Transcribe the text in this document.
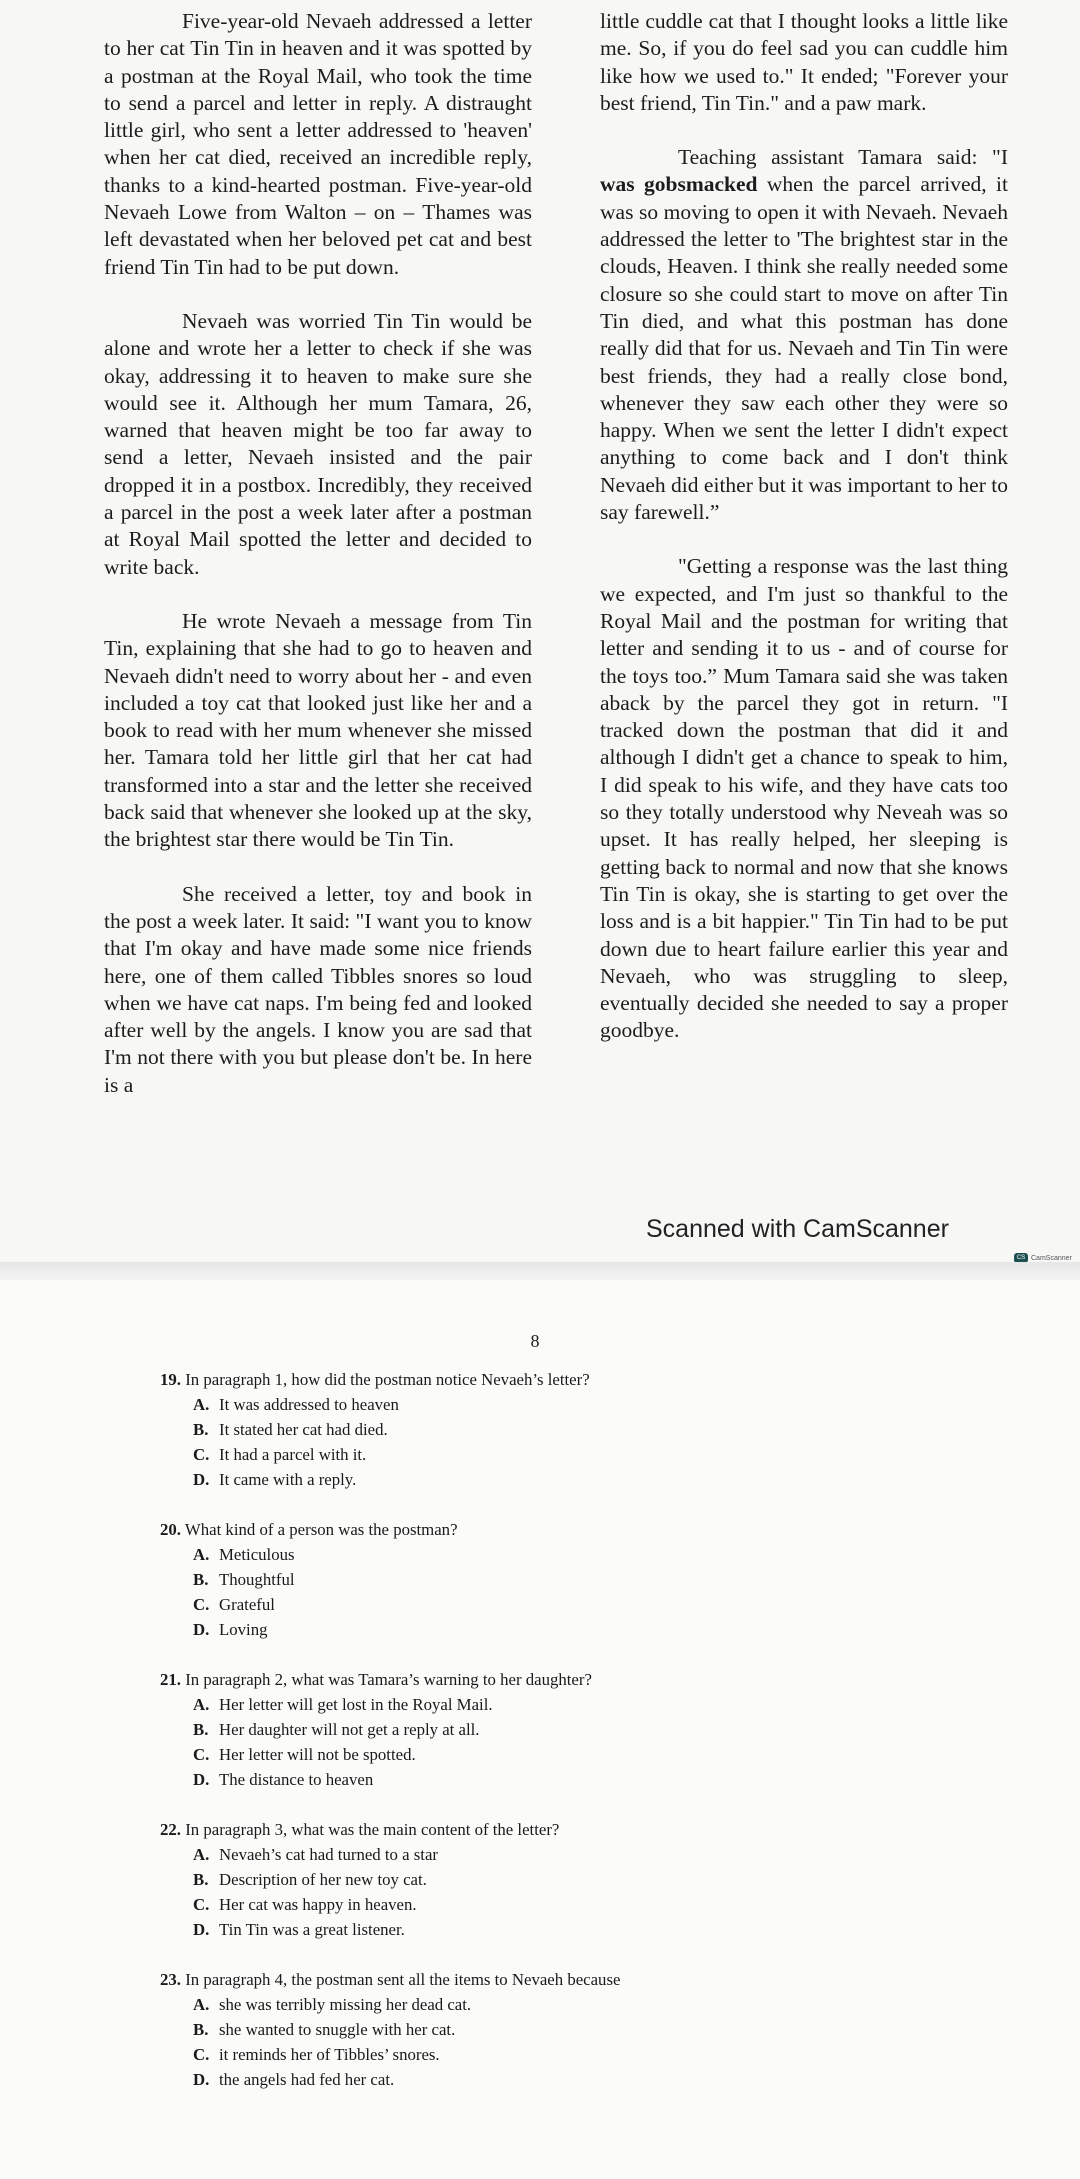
Five-year-old Nevaeh addressed a letter to her cat Tin Tin in heaven and it was spotted by a postman at the Royal Mail, who took the time to send a parcel and letter in reply. A distraught little girl, who sent a letter addressed to 'heaven' when her cat died, received an incredible reply, thanks to a kind-hearted postman. Five-year-old Nevaeh Lowe from Walton – on – Thames was left devastated when her beloved pet cat and best friend Tin Tin had to be put down.

Nevaeh was worried Tin Tin would be alone and wrote her a letter to check if she was okay, addressing it to heaven to make sure she would see it. Although her mum Tamara, 26, warned that heaven might be too far away to send a letter, Nevaeh insisted and the pair dropped it in a postbox. Incredibly, they received a parcel in the post a week later after a postman at Royal Mail spotted the letter and decided to write back.

He wrote Nevaeh a message from Tin Tin, explaining that she had to go to heaven and Nevaeh didn't need to worry about her - and even included a toy cat that looked just like her and a book to read with her mum whenever she missed her. Tamara told her little girl that her cat had transformed into a star and the letter she received back said that whenever she looked up at the sky, the brightest star there would be Tin Tin.

She received a letter, toy and book in the post a week later. It said: "I want you to know that I'm okay and have made some nice friends here, one of them called Tibbles snores so loud when we have cat naps. I'm being fed and looked after well by the angels. I know you are sad that I'm not there with you but please don't be. In here is a

little cuddle cat that I thought looks a little like me. So, if you do feel sad you can cuddle him like how we used to." It ended; "Forever your best friend, Tin Tin." and a paw mark.

Teaching assistant Tamara said: "I was gobsmacked when the parcel arrived, it was so moving to open it with Nevaeh. Nevaeh addressed the letter to 'The brightest star in the clouds, Heaven. I think she really needed some closure so she could start to move on after Tin Tin died, and what this postman has done really did that for us. Nevaeh and Tin Tin were best friends, they had a really close bond, whenever they saw each other they were so happy. When we sent the letter I didn't expect anything to come back and I don't think Nevaeh did either but it was important to her to say farewell.”

"Getting a response was the last thing we expected, and I'm just so thankful to the Royal Mail and the postman for writing that letter and sending it to us - and of course for the toys too.” Mum Tamara said she was taken aback by the parcel they got in return. "I tracked down the postman that did it and although I didn't get a chance to speak to him, I did speak to his wife, and they have cats too so they totally understood why Neveah was so upset. It has really helped, her sleeping is getting back to normal and now that she knows Tin Tin is okay, she is starting to get over the loss and is a bit happier." Tin Tin had to be put down due to heart failure earlier this year and Nevaeh, who was struggling to sleep, eventually decided she needed to say a proper goodbye.

Scanned with CamScanner
CS CamScanner
8

19. In paragraph 1, how did the postman notice Nevaeh’s letter?

A. It was addressed to heaven

B. It stated her cat had died.

C. It had a parcel with it.

D. It came with a reply.

20. What kind of a person was the postman?

A. Meticulous

B. Thoughtful

C. Grateful

D. Loving

21. In paragraph 2, what was Tamara’s warning to her daughter?

A. Her letter will get lost in the Royal Mail.

B. Her daughter will not get a reply at all.

C. Her letter will not be spotted.

D. The distance to heaven

22. In paragraph 3, what was the main content of the letter?

A. Nevaeh’s cat had turned to a star

B. Description of her new toy cat.

C. Her cat was happy in heaven.

D. Tin Tin was a great listener.

23. In paragraph 4, the postman sent all the items to Nevaeh because

A. she was terribly missing her dead cat.

B. she wanted to snuggle with her cat.

C. it reminds her of Tibbles’ snores.

D. the angels had fed her cat.
